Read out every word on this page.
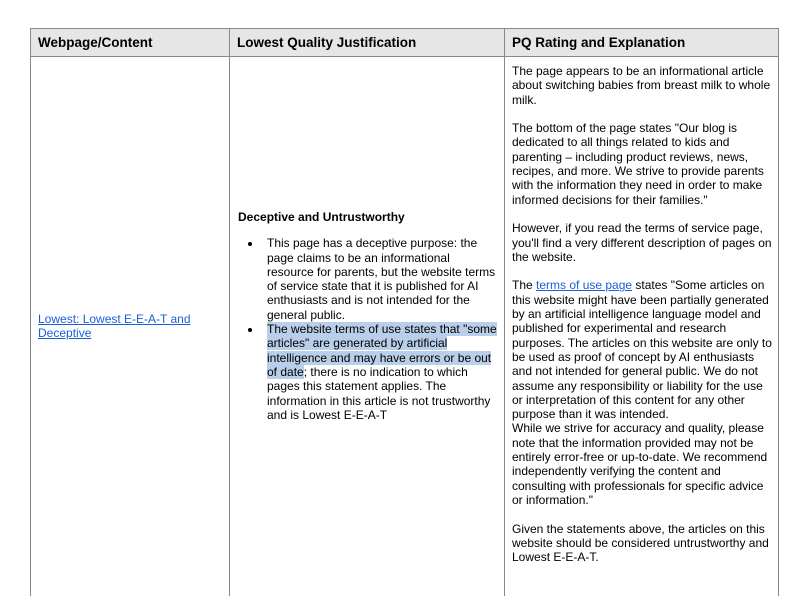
Webpage/Content	Lowest Quality Justification	PQ Rating and Explanation
Lowest: Lowest E-E-A-T and Deceptive
Deceptive and Untrustworthy
• This page has a deceptive purpose: the page claims to be an informational resource for parents, but the website terms of service state that it is published for AI enthusiasts and is not intended for the general public.
• The website terms of use states that "some articles" are generated by artificial intelligence and may have errors or be out of date; there is no indication to which pages this statement applies. The information in this article is not trustworthy and is Lowest E-E-A-T

The page appears to be an informational article about switching babies from breast milk to whole milk.

The bottom of the page states "Our blog is dedicated to all things related to kids and parenting – including product reviews, news, recipes, and more. We strive to provide parents with the information they need in order to make informed decisions for their families."

However, if you read the terms of service page, you'll find a very different description of pages on the website.

The terms of use page states "Some articles on this website might have been partially generated by an artificial intelligence language model and published for experimental and research purposes. The articles on this website are only to be used as proof of concept by AI enthusiasts and not intended for general public. We do not assume any responsibility or liability for the use or interpretation of this content for any other purpose than it was intended.

While we strive for accuracy and quality, please note that the information provided may not be entirely error-free or up-to-date. We recommend independently verifying the content and consulting with professionals for specific advice or information."

Given the statements above, the articles on this website should be considered untrustworthy and Lowest E-E-A-T.
